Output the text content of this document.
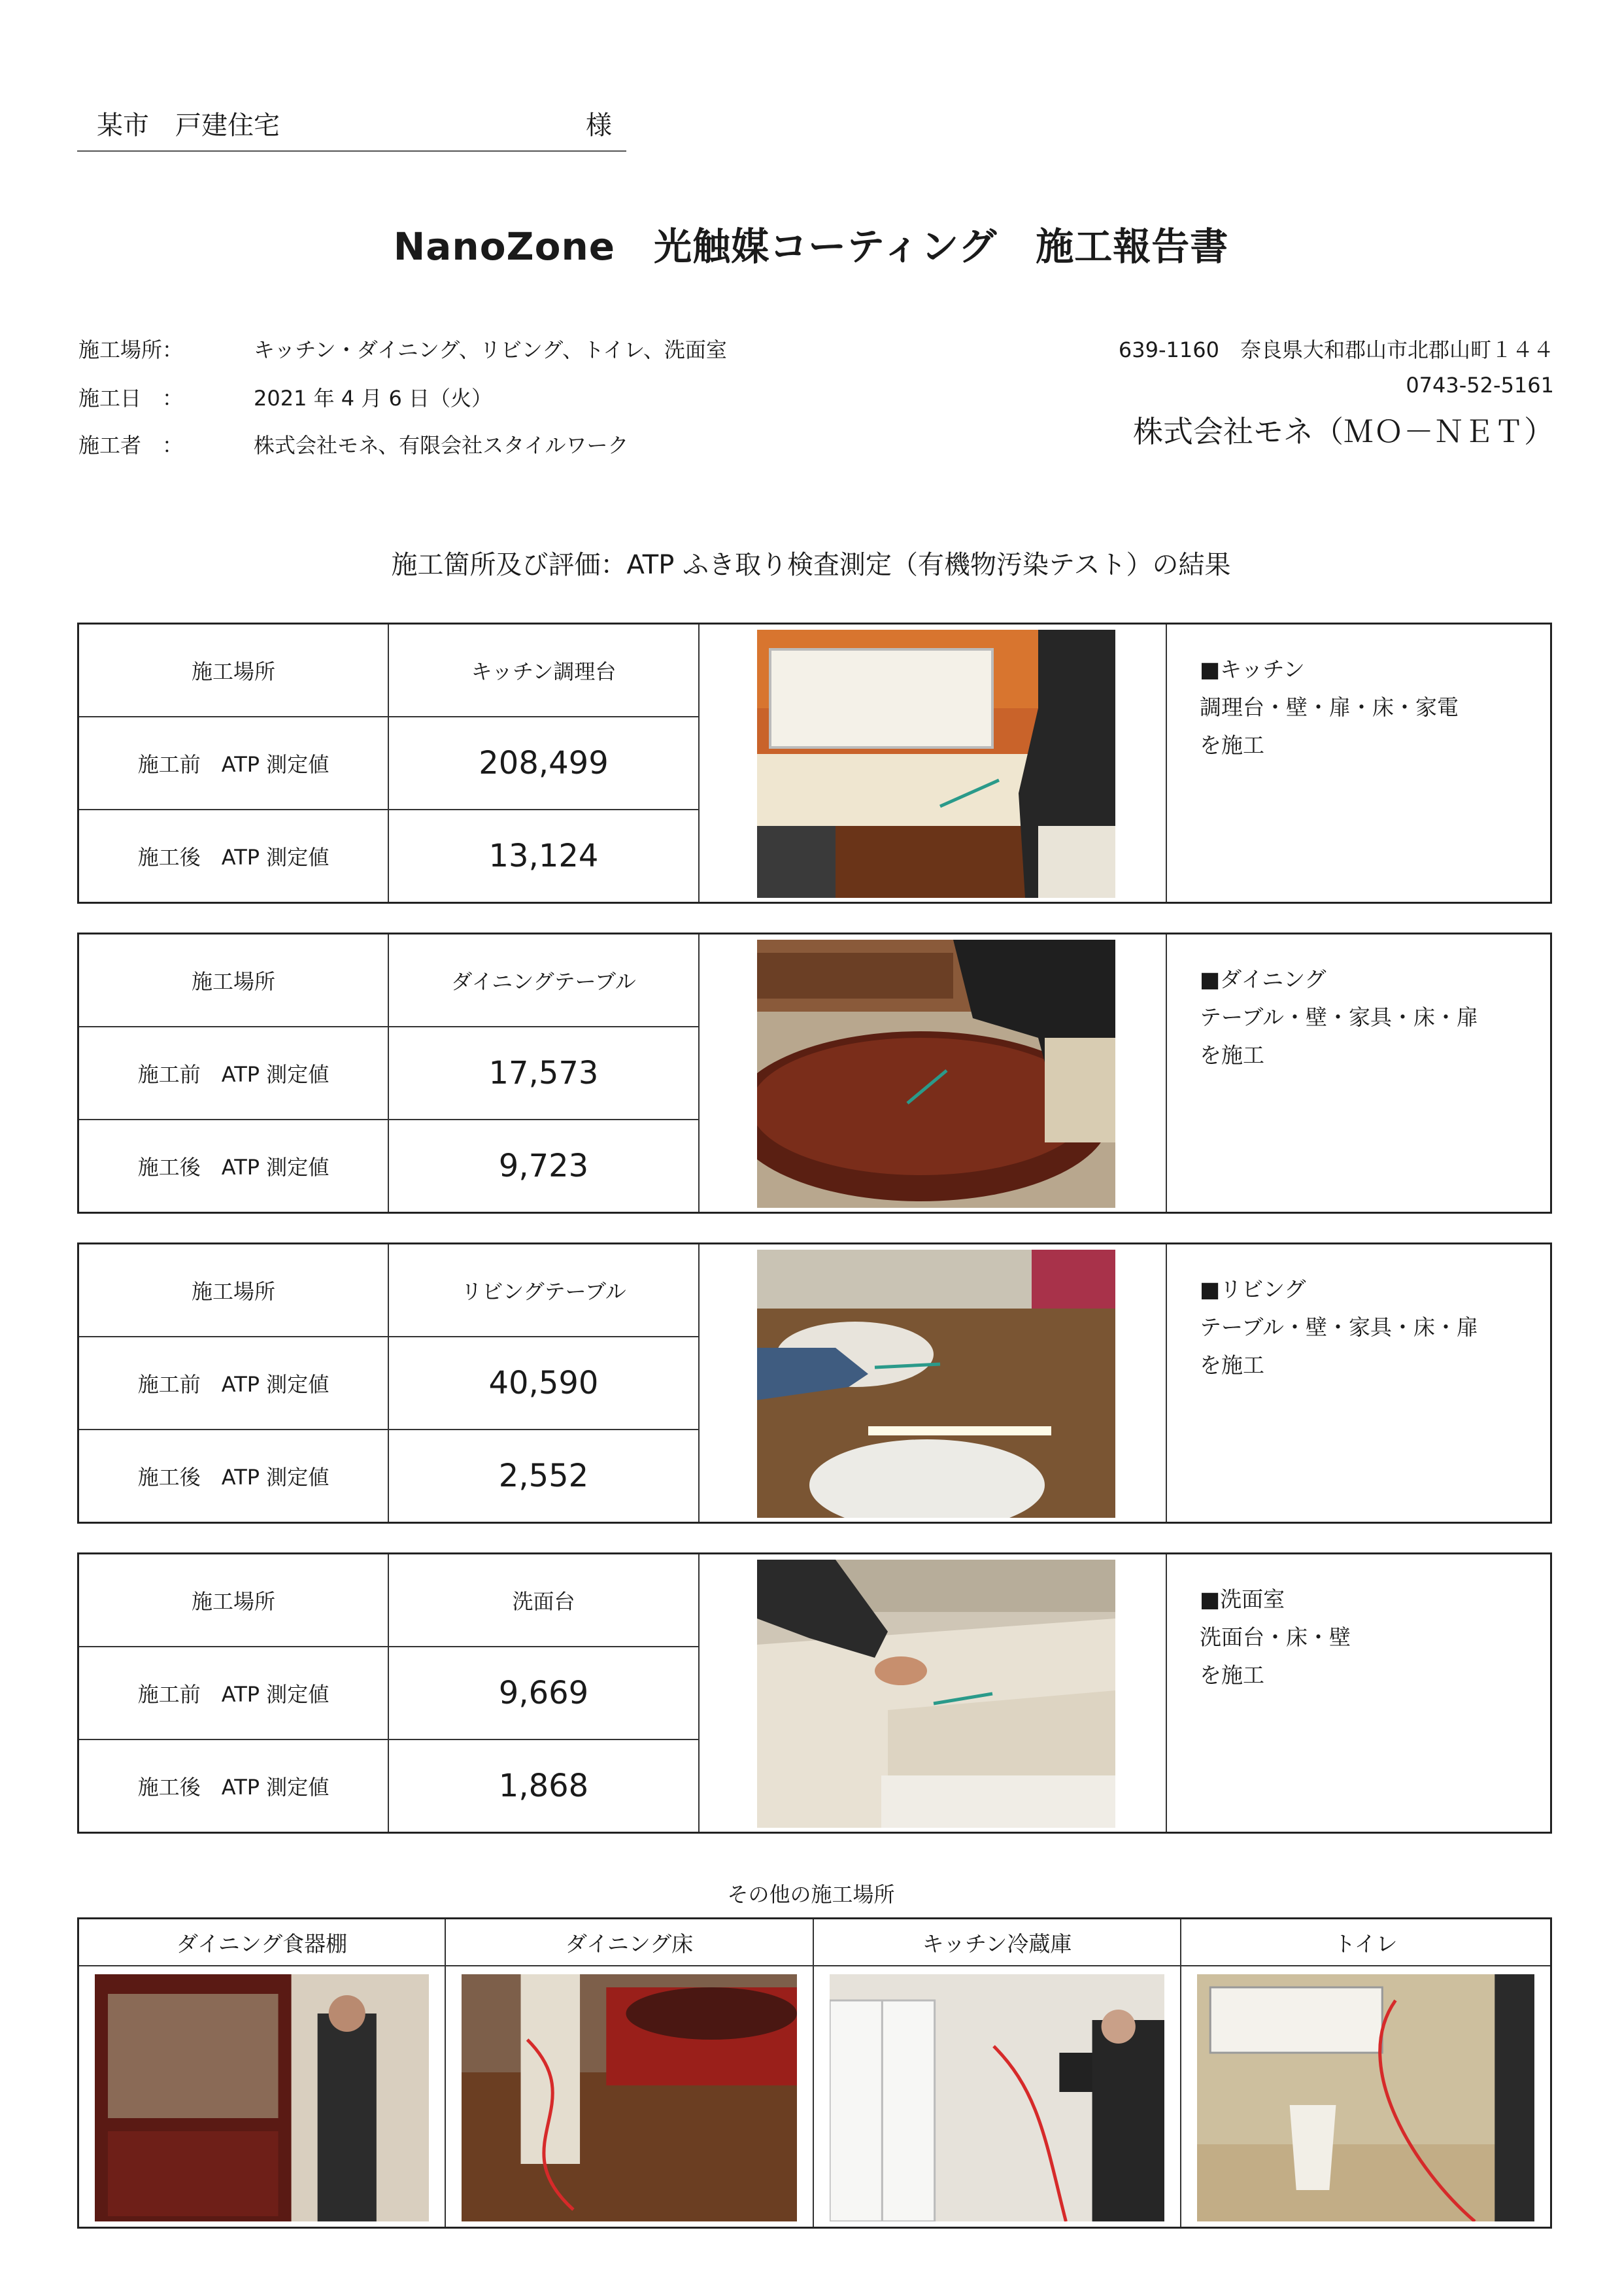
某市　戸建住宅	様
NanoZone　光触媒コーティング　施工報告書
施工場所：	キッチン・ダイニング、リビング、トイレ、洗面室
施工日　：	2021 年 4 月 6 日（火）
施工者　：	株式会社モネ、有限会社スタイルワーク
639-1160　奈良県大和郡山市北郡山町１４４
0743-52-5161
株式会社モネ（ＭＯ－ＮＥＴ）
施工箇所及び評価：ATP ふき取り検査測定（有機物汚染テスト）の結果
施工場所	キッチン調理台
施工前　ATP 測定値	208,499
施工後　ATP 測定値	13,124
■キッチン
調理台・壁・扉・床・家電
を施工
施工場所	ダイニングテーブル
施工前　ATP 測定値	17,573
施工後　ATP 測定値	9,723
■ダイニング
テーブル・壁・家具・床・扉
を施工
施工場所	リビングテーブル
施工前　ATP 測定値	40,590
施工後　ATP 測定値	2,552
■リビング
テーブル・壁・家具・床・扉
を施工
施工場所	洗面台
施工前　ATP 測定値	9,669
施工後　ATP 測定値	1,868
■洗面室
洗面台・床・壁
を施工
その他の施工場所
ダイニング食器棚	ダイニング床	キッチン冷蔵庫	トイレ
